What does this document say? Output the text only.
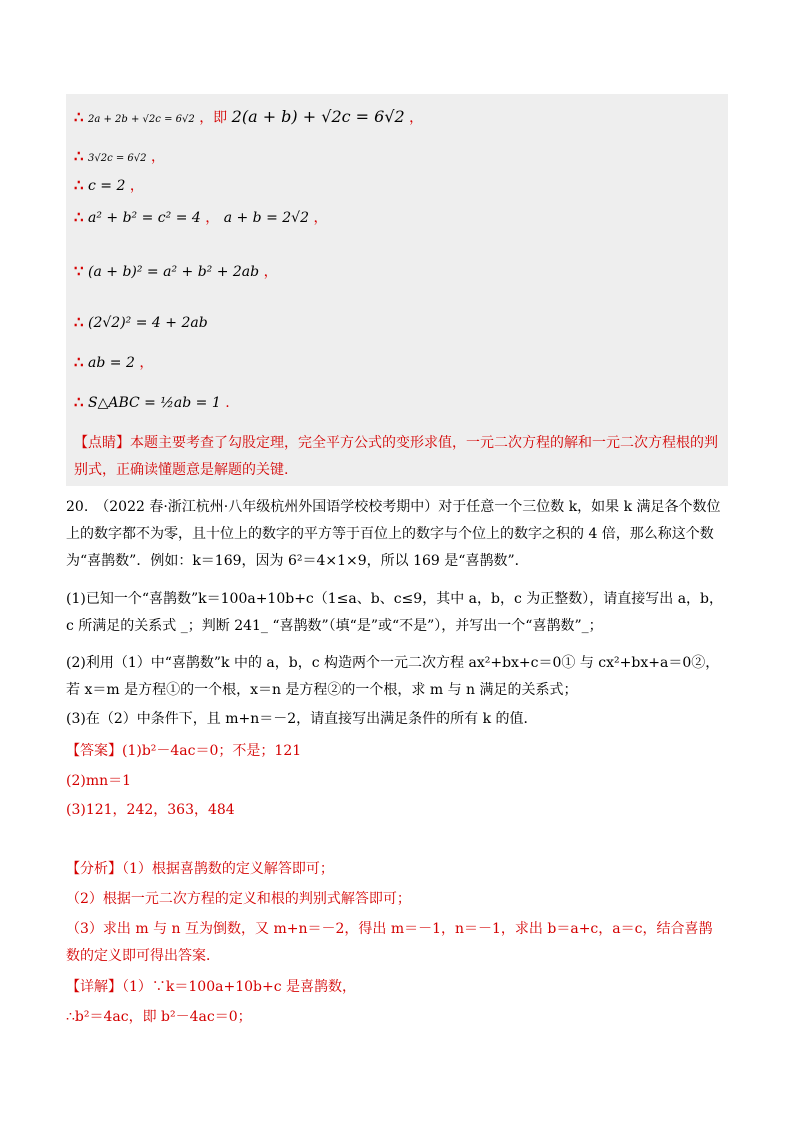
∴ 2a + 2b + √2c = 6√2 ，即 2(a + b) + √2c = 6√2 ，
∴ 3√2c = 6√2 ，
∴ c = 2 ，
∴ a² + b² = c² = 4 ， a + b = 2√2 ，
∵ (a + b)² = a² + b² + 2ab ，
∴ (2√2)² = 4 + 2ab
∴ ab = 2 ，
∴ S△ABC = ½ab = 1 .
【点睛】本题主要考查了勾股定理，完全平方公式的变形求值，一元二次方程的解和一元二次方程根的判别式，正确读懂题意是解题的关键.
20.　（2022 春·浙江杭州·八年级杭州外国语学校校考期中）对于任意一个三位数 k，如果 k 满足各个数位上的数字都不为零，且十位上的数字的平方等于百位上的数字与个位上的数字之积的 4 倍，那么称这个数为“喜鹊数”．例如：k＝169，因为 6²＝4×1×9，所以 169 是“喜鹊数”．
(1)已知一个“喜鹊数”k＝100a+10b+c（1≤a、b、c≤9，其中 a，b，c 为正整数），请直接写出 a，b，c 所满足的关系式 _；判断 241_ “喜鹊数”（填“是”或“不是”），并写出一个“喜鹊数”_；
(2)利用（1）中“喜鹊数”k 中的 a，b，c 构造两个一元二次方程 ax²+bx+c＝0① 与 cx²+bx+a＝0②，若 x＝m 是方程①的一个根，x＝n 是方程②的一个根，求 m 与 n 满足的关系式；
(3)在（2）中条件下，且 m+n＝－2，请直接写出满足条件的所有 k 的值．
【答案】(1)b²－4ac＝0；不是；121
(2)mn＝1
(3)121，242，363，484
【分析】（1）根据喜鹊数的定义解答即可；
（2）根据一元二次方程的定义和根的判别式解答即可；
（3）求出 m 与 n 互为倒数，又 m+n＝－2，得出 m＝－1，n＝－1，求出 b＝a+c，a＝c，结合喜鹊数的定义即可得出答案．
【详解】（1）∵k＝100a+10b+c 是喜鹊数，
∴b²＝4ac，即 b²－4ac＝0；
